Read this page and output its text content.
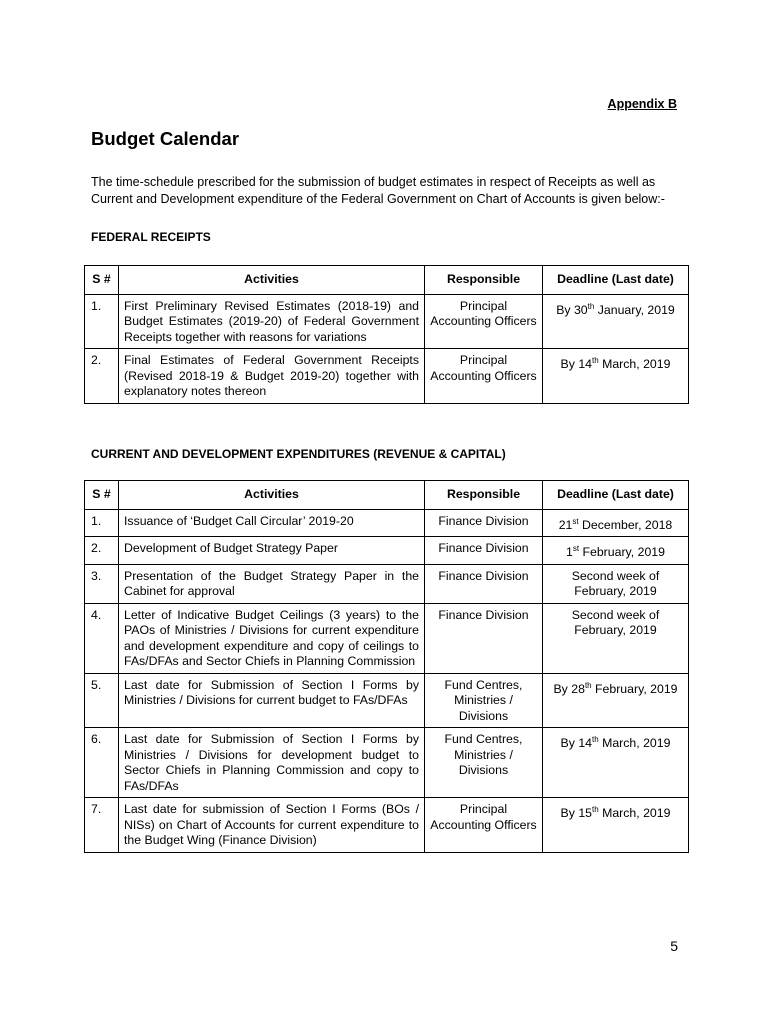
Appendix B
Budget Calendar
The time-schedule prescribed for the submission of budget estimates in respect of Receipts as well as Current and Development expenditure of the Federal Government on Chart of Accounts is given below:-
FEDERAL RECEIPTS
S #	Activities	Responsible	Deadline (Last date)
1.	First Preliminary Revised Estimates (2018-19) and Budget Estimates (2019-20) of Federal Government Receipts together with reasons for variations	Principal Accounting Officers	By 30th January, 2019
2.	Final Estimates of Federal Government Receipts (Revised 2018-19 & Budget 2019-20) together with explanatory notes thereon	Principal Accounting Officers	By 14th March, 2019
CURRENT AND DEVELOPMENT EXPENDITURES (REVENUE & CAPITAL)
S #	Activities	Responsible	Deadline (Last date)
1.	Issuance of ‘Budget Call Circular’ 2019-20	Finance Division	21st December, 2018
2.	Development of Budget Strategy Paper	Finance Division	1st February, 2019
3.	Presentation of the Budget Strategy Paper in the Cabinet for approval	Finance Division	Second week of February, 2019
4.	Letter of Indicative Budget Ceilings (3 years) to the PAOs of Ministries / Divisions for current expenditure and development expenditure and copy of ceilings to FAs/DFAs and Sector Chiefs in Planning Commission	Finance Division	Second week of February, 2019
5.	Last date for Submission of Section I Forms by Ministries / Divisions for current budget to FAs/DFAs	Fund Centres, Ministries / Divisions	By 28th February, 2019
6.	Last date for Submission of Section I Forms by Ministries / Divisions for development budget to Sector Chiefs in Planning Commission and copy to FAs/DFAs	Fund Centres, Ministries / Divisions	By 14th March, 2019
7.	Last date for submission of Section I Forms (BOs / NISs) on Chart of Accounts for current expenditure to the Budget Wing (Finance Division)	Principal Accounting Officers	By 15th March, 2019
5
